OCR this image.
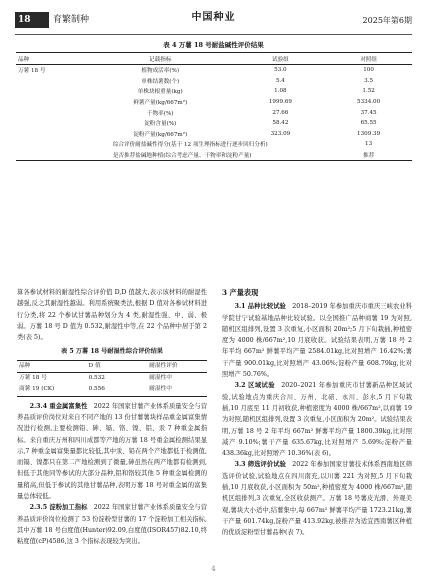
18	育繁制种	中国种业	2025年第6期
表 4 万薯 18 号耐盐碱性评价结果
品种	记载指标	试验组	对照组
万薯 18 号	植物成活率(%)	53.0	100
	单株结薯数(个)	5.4	3.5
	单株块根重量(kg)	1.08	1.52
	鲜薯产量(kg/667m²)	1999.69	5334.00
	干物率(%)	27.66	37.45
	淀粉含量(%)	58.42	65.55
	淀粉产量(kg/667m²)	323.09	1309.39
	综合评价耐盐碱性得分(基于 12 项生理指标进行逐步回归分析)		13
	是否推荐盐碱地种植(综合考虑产量、干物率和淀粉产量)		推荐

算各参试材料的耐湿性综合评价值 D,D 值越大,表示该材料的耐湿性越强,反之其耐湿性越弱。利用系统聚类法,根据 D 值对各参试材料进行分类,将 22 个参试甘薯品种划分为 4 类,耐湿性强、中、弱、极弱。万薯 18 号 D 值为 0.532,耐湿性中等,在 22 个品种中居于第 2 类(表 5)。

表 5 万薯 18 号耐湿性综合评价结果

品种	D 值	耐湿性评价
万薯 18 号	0.532	耐湿性中
商薯 19 (CK)	0.556	耐湿性中

2.3.4 重金属富集性  2022 年国家甘薯产业体系质量安全与营养品质评价岗位对来自不同产地的 13 份甘薯薯块样品重金属富集情况进行检测,主要检测铅、砷、镉、铬、镍、铝、汞 7 种重金属指标。来自重庆万州和四川成都等产地的万薯 18 号重金属检测结果显示,7 种重金属富集量都比较低,其中汞、铅在两个产地都低于检测值,而镉、镍都只在第二产地检测到了微量,砷虽然在两产地都有检测到,但低于其他同等参试的大部分品种,铝和铬较其他 5 种重金属检测的量稍高,但低于参试的其他甘薯品种,表明万薯 18 号对重金属的富集量总体较低。

2.3.5 淀粉加工指标  2022 年国家甘薯产业体系质量安全与营养品质评价岗位检测了 53 份淀粉型甘薯的 17 个淀粉加工相关指标,其中万薯 18 号白度值(Hunter)92.09,白度值(ISOR457)82.10,终粘度值(cP)4586,这 3 个指标表现较为突出。

3 产量表现

3.1 品种比较试验  2018–2019 年参加重庆市重庆三峡农业科学院甘宁试验基地品种比较试验。以全国推广品种商薯 19 为对照,随机区组排列,设置 3 次重复,小区面积 20m²;5 月下旬栽插,种植密度为 4000 株/667m²,10 月底收获。试验结果表明,万薯 18 号 2 年平均 667m² 鲜薯平均产量 2584.01kg,比对照增产 16.42%;薯干产量 900.01kg,比对照增产 43.06%;淀粉产量 608.79kg,比对照增产 50.76%。

3.2 区域试验  2020–2021 年参加重庆市甘薯新品种区域试验,试验地点为重庆合川、万州、北碚、永川、彭水,5 月下旬栽插,10 月底至 11 月初收获,种植密度为 4000 株/667m²,以商薯 19 为对照,随机区组排列,设置 3 次重复,小区面积为 20m²。试验结果表明,万薯 18 号 2 年平均 667m² 鲜薯平均产量 1800.39kg,比对照减产 9.10%;薯干产量 635.67kg,比对照增产 5.69%;淀粉产量 438.36kg,比对照增产 10.36%(表 6)。

3.3 筛选评价试验  2022 年参加国家甘薯技术体系西南地区筛选评价试验,试验地点在四川南充,以川薯 221 为对照,5 月下旬栽插,10 月底收获,小区面积为 50m²,种植密度为 4000 株/667m²,随机区组排列,3 次重复,全区收获测产。万薯 18 号薯皮光滑、外观美观,薯块大小适中,结薯集中,每 667m² 鲜薯平均产量 1723.21kg,薯干产量 601.74kg,淀粉产量 413.92kg,被推荐为适宜西南薯区种植的优质淀粉型甘薯品种(表 7)。

4
